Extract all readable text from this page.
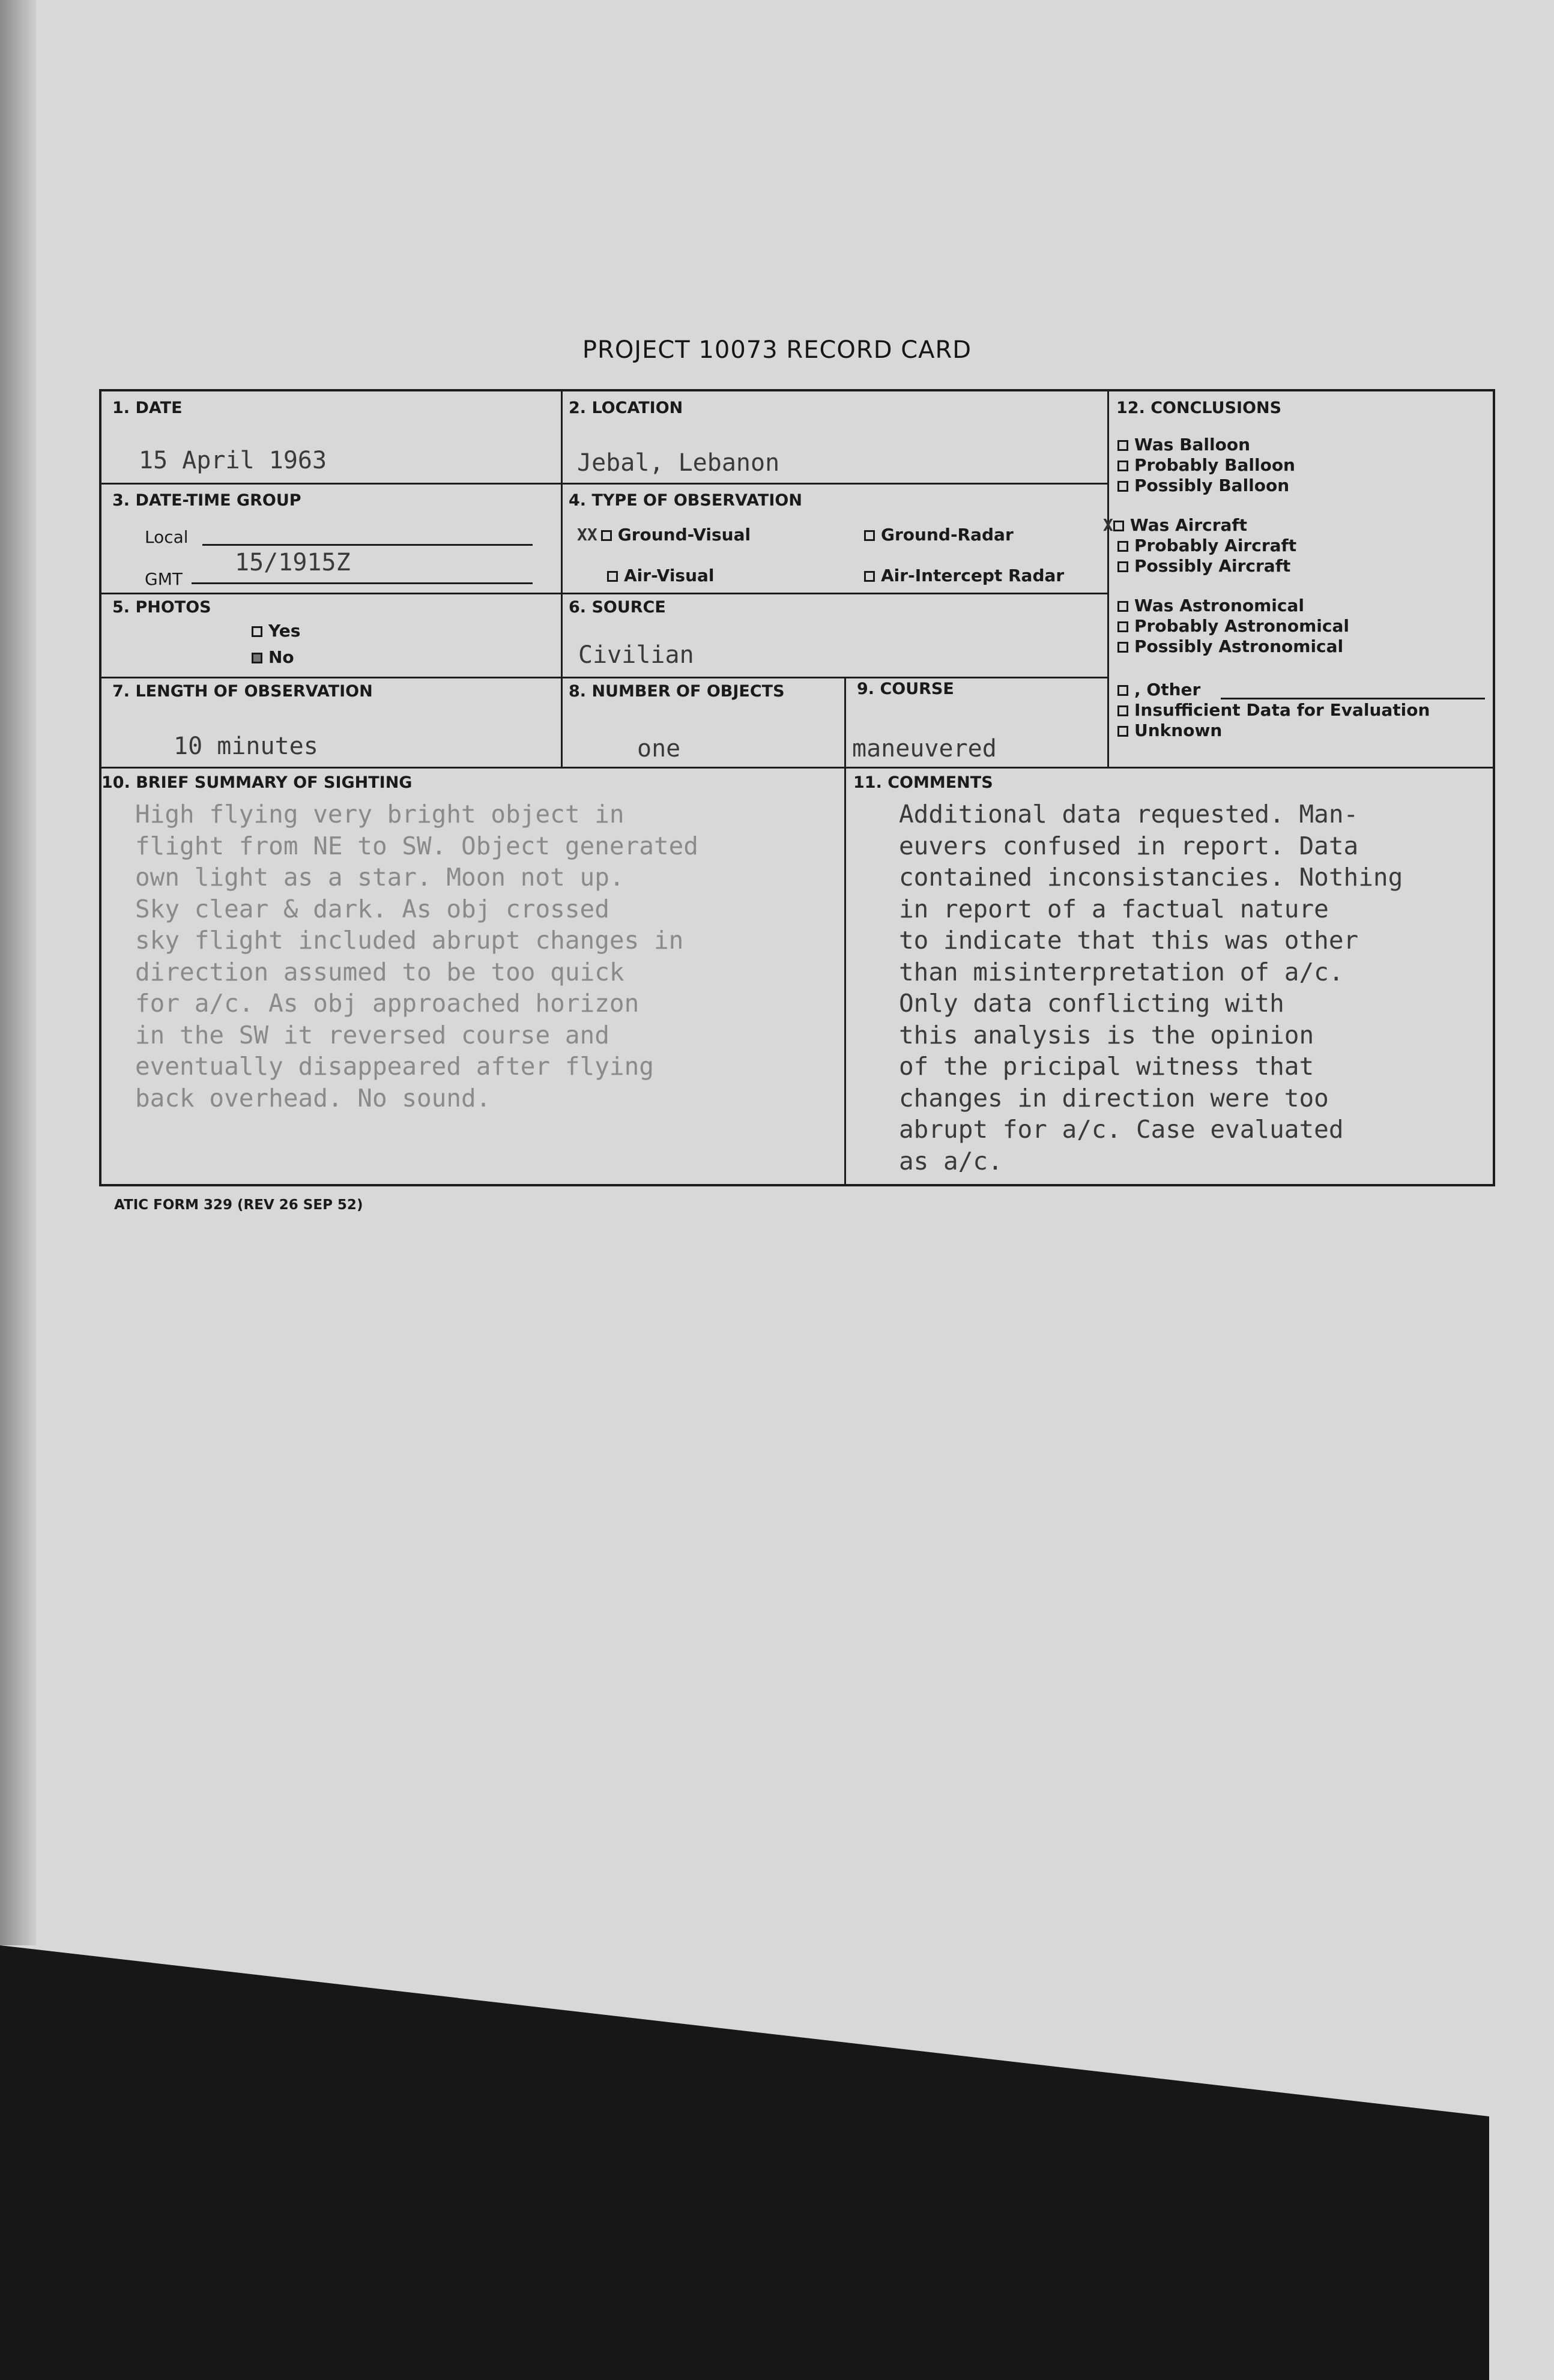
PROJECT 10073 RECORD CARD
1. DATE
15 April 1963
2. LOCATION
Jebal, Lebanon
3. DATE-TIME GROUP
Local
GMT
15/1915Z
4. TYPE OF OBSERVATION
XX Ground-Visual	Ground-Radar
Air-Visual	Air-Intercept Radar
5. PHOTOS
Yes
No
6. SOURCE
Civilian
7. LENGTH OF OBSERVATION
10 minutes
8. NUMBER OF OBJECTS
one
9. COURSE
maneuvered
10. BRIEF SUMMARY OF SIGHTING
High flying very bright object in
flight from NE to SW. Object generated
own light as a star. Moon not up.
Sky clear & dark. As obj crossed
sky flight included abrupt changes in
direction assumed to be too quick
for a/c. As obj approached horizon
in the SW it reversed course and
eventually disappeared after flying
back overhead. No sound.
11. COMMENTS
Additional data requested. Man-
euvers confused in report. Data
contained inconsistancies. Nothing
in report of a factual nature
to indicate that this was other
than misinterpretation of a/c.
Only data conflicting with
this analysis is the opinion
of the pricipal witness that
changes in direction were too
abrupt for a/c. Case evaluated
as a/c.
12. CONCLUSIONS
Was Balloon
Probably Balloon
Possibly Balloon
X Was Aircraft
Probably Aircraft
Possibly Aircraft
Was Astronomical
Probably Astronomical
Possibly Astronomical
, Other
Insufficient Data for Evaluation
Unknown
ATIC FORM 329 (REV 26 SEP 52)
